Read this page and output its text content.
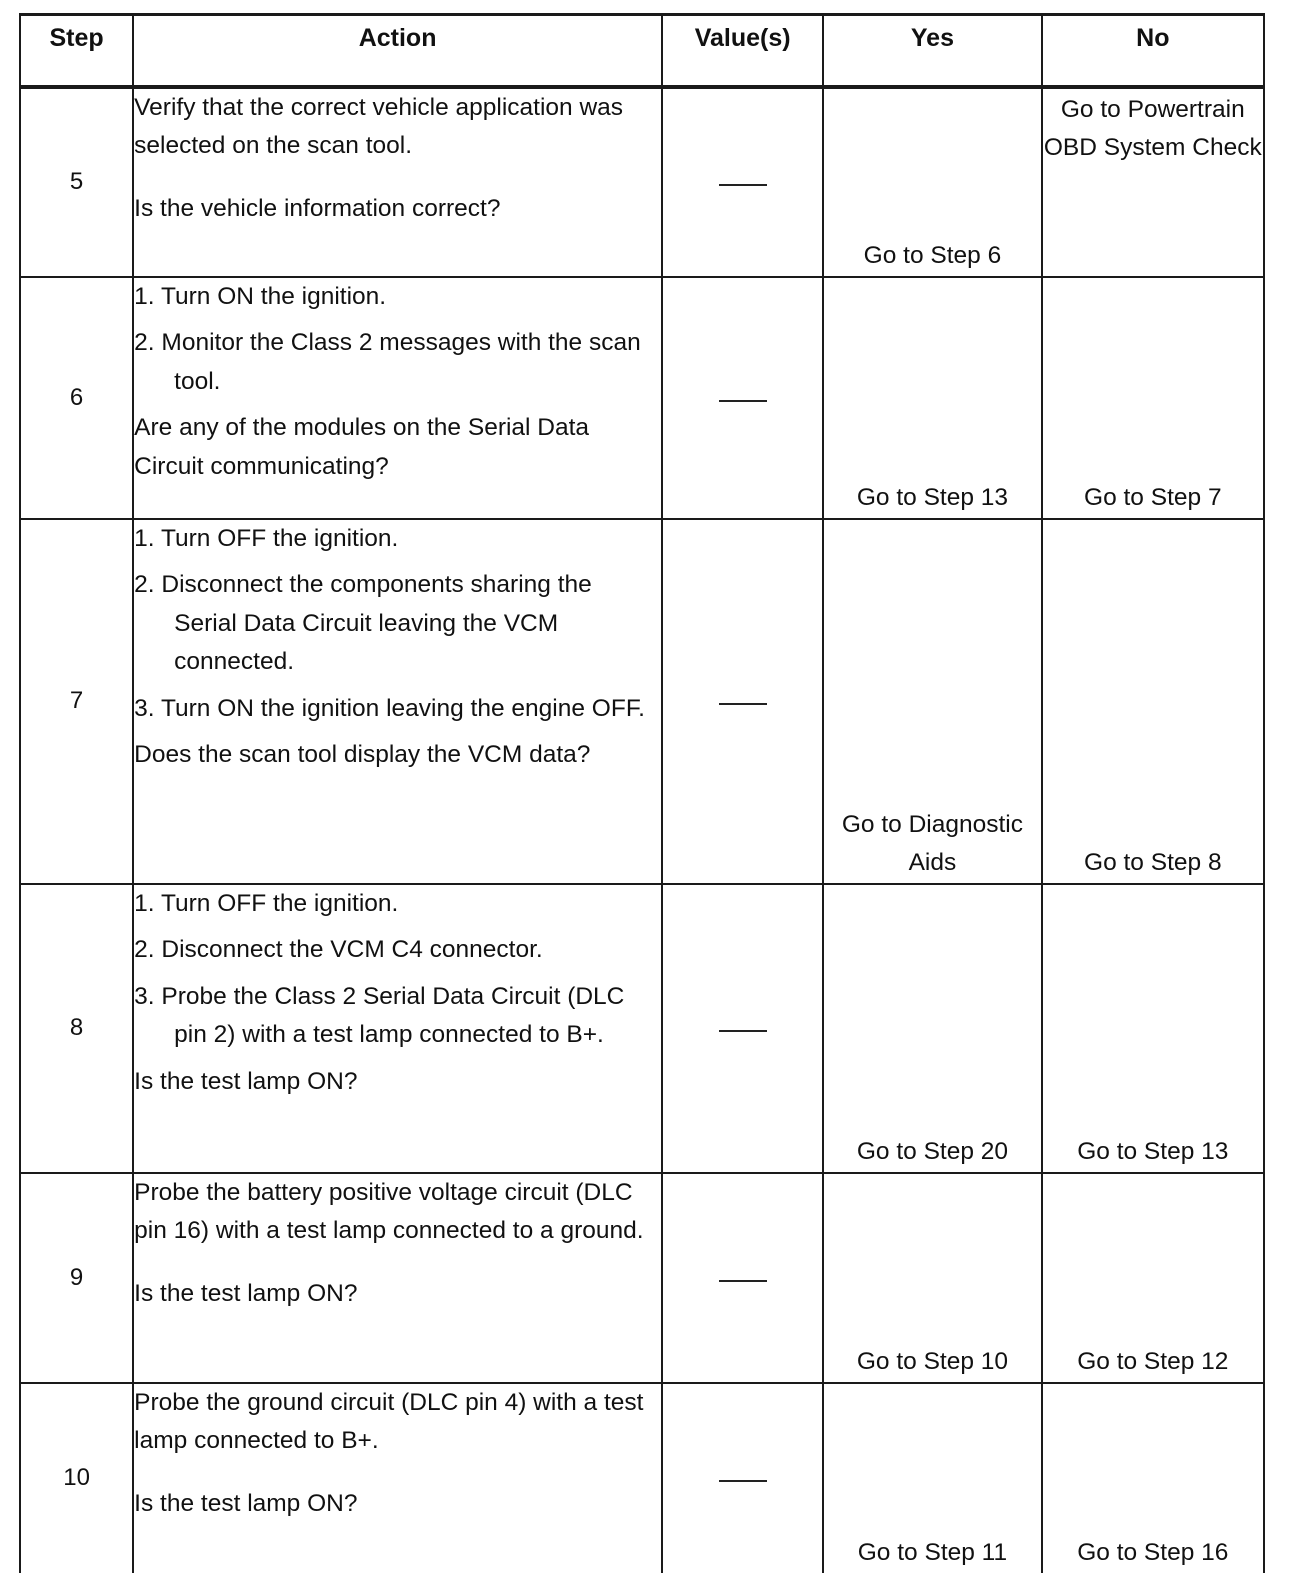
Step	Action	Value(s)	Yes	No
5	Verify that the correct vehicle application was selected on the scan tool.
Is the vehicle information correct?		Go to Step 6	Go to Powertrain OBD System Check
6	1. Turn ON the ignition.
2. Monitor the Class 2 messages with the scan tool.
Are any of the modules on the Serial Data Circuit communicating?		Go to Step 13	Go to Step 7
7	1. Turn OFF the ignition.
2. Disconnect the components sharing the Serial Data Circuit leaving the VCM connected.
3. Turn ON the ignition leaving the engine OFF.
Does the scan tool display the VCM data?		Go to Diagnostic Aids	Go to Step 8
8	1. Turn OFF the ignition.
2. Disconnect the VCM C4 connector.
3. Probe the Class 2 Serial Data Circuit (DLC pin 2) with a test lamp connected to B+.
Is the test lamp ON?		Go to Step 20	Go to Step 13
9	Probe the battery positive voltage circuit (DLC pin 16) with a test lamp connected to a ground.
Is the test lamp ON?		Go to Step 10	Go to Step 12
10	Probe the ground circuit (DLC pin 4) with a test lamp connected to B+.
Is the test lamp ON?		Go to Step 11	Go to Step 16
